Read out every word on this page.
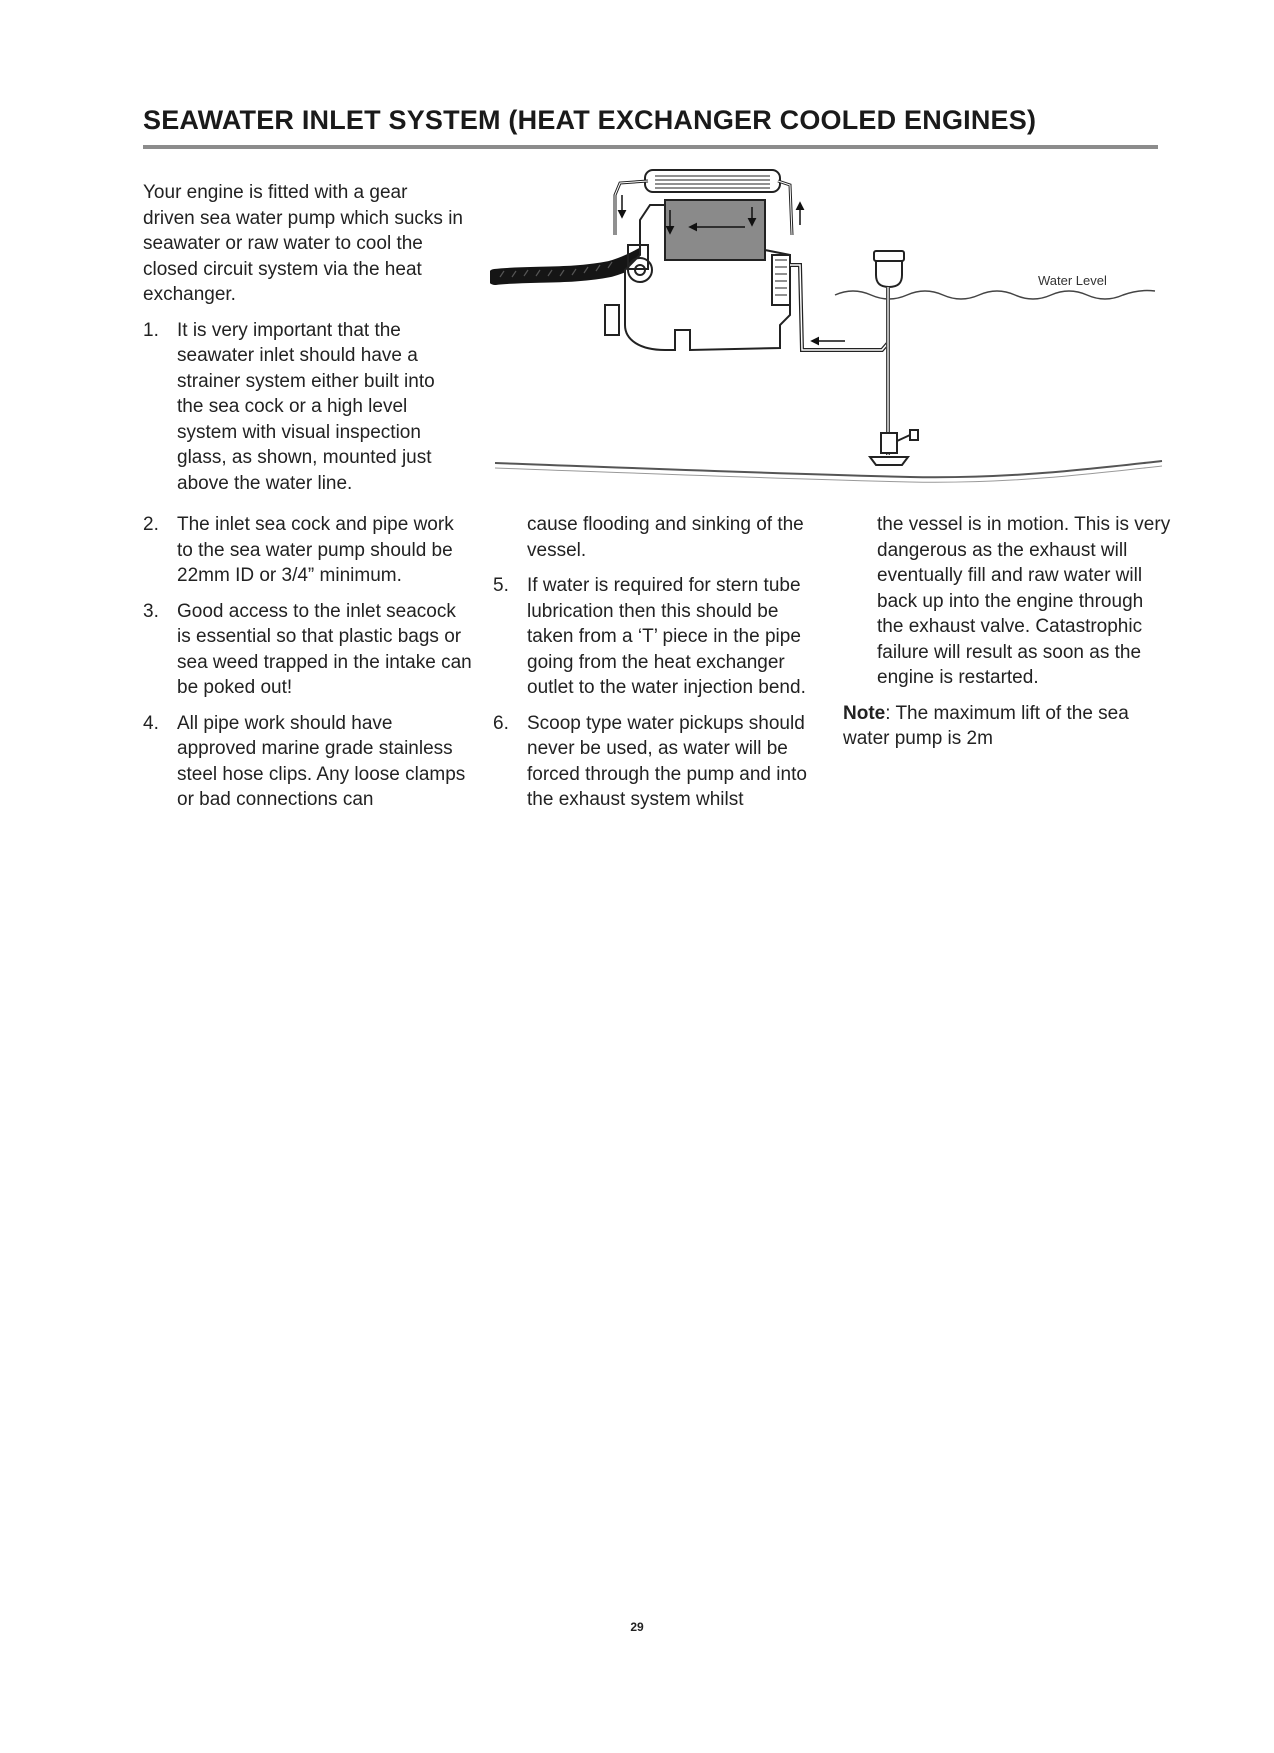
SEAWATER INLET SYSTEM (HEAT EXCHANGER COOLED ENGINES)

Your engine is fitted with a gear driven sea water pump which sucks in seawater or raw water to cool the closed circuit system via the heat exchanger.

1. It is very important that the seawater inlet should have a strainer system either built into the sea cock or a high level system with visual inspection glass, as shown, mounted just above the water line.
Water Level
2. The inlet sea cock and pipe work to the sea water pump should be 22mm ID or 3/4” minimum.
3. Good access to the inlet seacock is essential so that plastic bags or sea weed trapped in the intake can be poked out!
4. All pipe work should have approved marine grade stainless steel hose clips. Any loose clamps or bad connections can
cause flooding and sinking of the vessel.
5. If water is required for stern tube lubrication then this should be taken from a ‘T’ piece in the pipe going from the heat exchanger outlet to the water injection bend.
6. Scoop type water pickups should never be used, as water will be forced through the pump and into the exhaust system whilst
the vessel is in motion. This is very dangerous as the exhaust will eventually fill and raw water will back up into the engine through the exhaust valve. Catastrophic failure will result as soon as the engine is restarted.

Note: The maximum lift of the sea water pump is 2m

29
